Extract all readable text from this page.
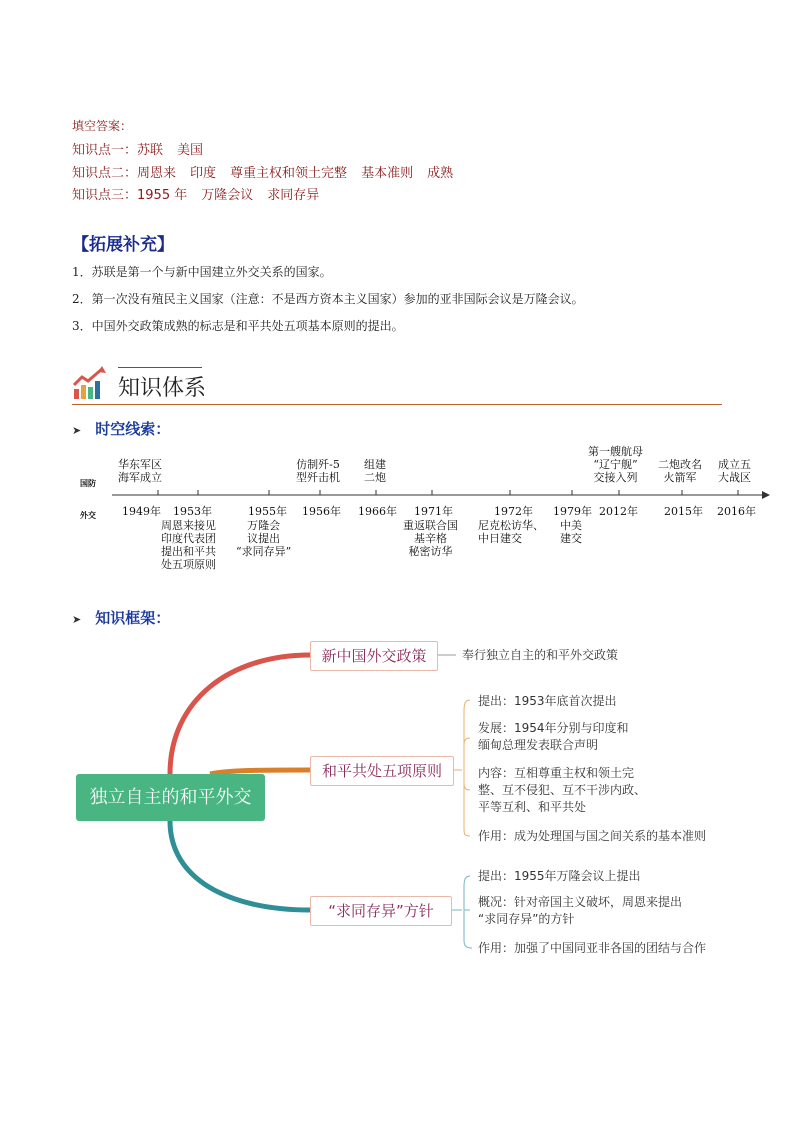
填空答案：
知识点一：苏联 美国
知识点二：周恩来 印度 尊重主权和领土完整 基本准则 成熟
知识点三：1955 年 万隆会议 求同存异
【拓展补充】
1．苏联是第一个与新中国建立外交关系的国家。
2．第一次没有殖民主义国家（注意：不是西方资本主义国家）参加的亚非国际会议是万隆会议。
3．中国外交政策成熟的标志是和平共处五项基本原则的提出。
知识体系
➤ 时空线索：
国防
外交 1949年 1953年	1955年 1956年 1966年 1971年	1972年 1979年 2012年 2015年 2016年
华东军区
海军成立
仿制歼-5
型歼击机
组建
二炮
第一艘航母
“辽宁舰”
交接入列
二炮改名
火箭军
成立五
大战区
周恩来接见
印度代表团
提出和平共
处五项原则
万隆会
议提出
“求同存异”
重返联合国
基辛格
秘密访华
尼克松访华、
中日建交
中美
建交
➤ 知识框架：
独立自主的和平外交
新中国外交政策
和平共处五项原则
“求同存异”方针
奉行独立自主的和平外交政策
提出：1953年底首次提出
发展：1954年分别与印度和
缅甸总理发表联合声明
内容：互相尊重主权和领土完
整、互不侵犯、互不干涉内政、
平等互利、和平共处
作用：成为处理国与国之间关系的基本准则
提出：1955年万隆会议上提出
概况：针对帝国主义破坏，周恩来提出
“求同存异”的方针
作用：加强了中国同亚非各国的团结与合作
